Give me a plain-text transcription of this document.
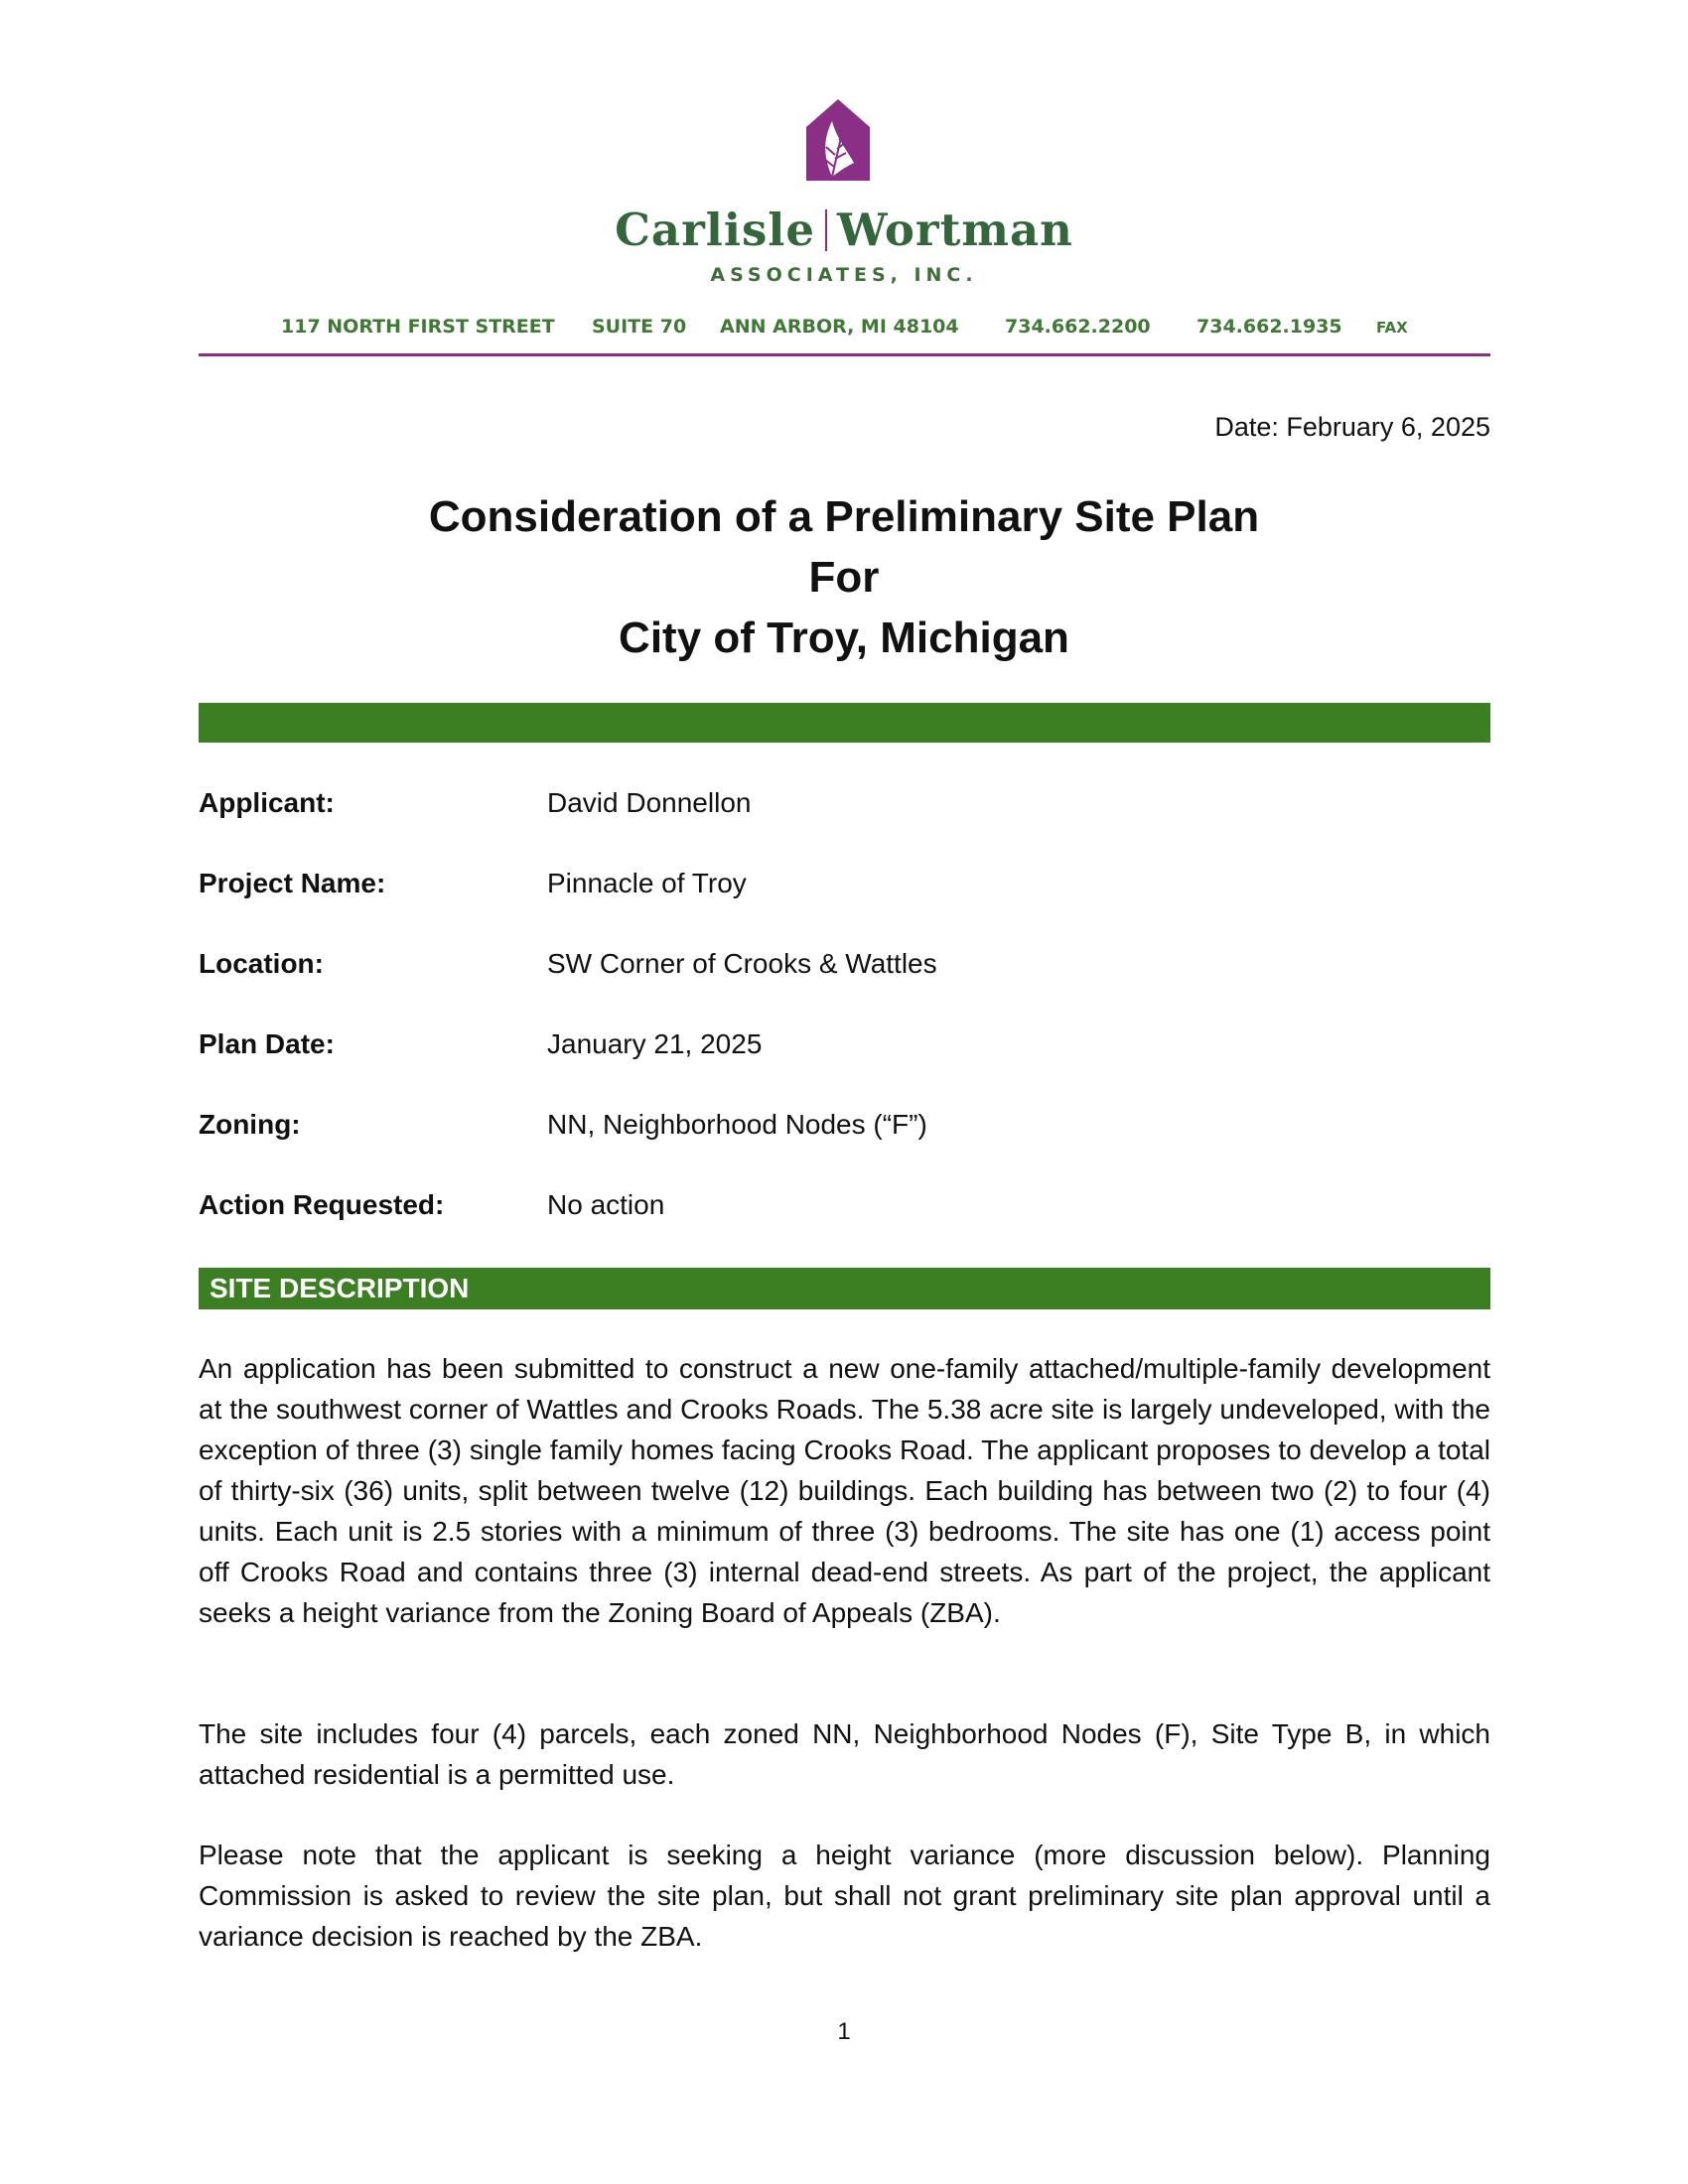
Carlisle Wortman
ASSOCIATES, INC.
117 NORTH FIRST STREET SUITE 70 ANN ARBOR, MI 48104 734.662.2200 734.662.1935 FAX
Date: February 6, 2025
Consideration of a Preliminary Site Plan
For
City of Troy, Michigan
Applicant:	David Donnellon
Project Name:	Pinnacle of Troy
Location:	SW Corner of Crooks & Wattles
Plan Date:	January 21, 2025
Zoning:	NN, Neighborhood Nodes (“F”)
Action Requested:	No action
SITE DESCRIPTION
An application has been submitted to construct a new one-family attached/multiple-family development at the southwest corner of Wattles and Crooks Roads. The 5.38 acre site is largely undeveloped, with the exception of three (3) single family homes facing Crooks Road. The applicant proposes to develop a total of thirty-six (36) units, split between twelve (12) buildings. Each building has between two (2) to four (4) units. Each unit is 2.5 stories with a minimum of three (3) bedrooms. The site has one (1) access point off Crooks Road and contains three (3) internal dead-end streets. As part of the project, the applicant seeks a height variance from the Zoning Board of Appeals (ZBA).
The site includes four (4) parcels, each zoned NN, Neighborhood Nodes (F), Site Type B, in which attached residential is a permitted use.
Please note that the applicant is seeking a height variance (more discussion below). Planning Commission is asked to review the site plan, but shall not grant preliminary site plan approval until a variance decision is reached by the ZBA.
1
